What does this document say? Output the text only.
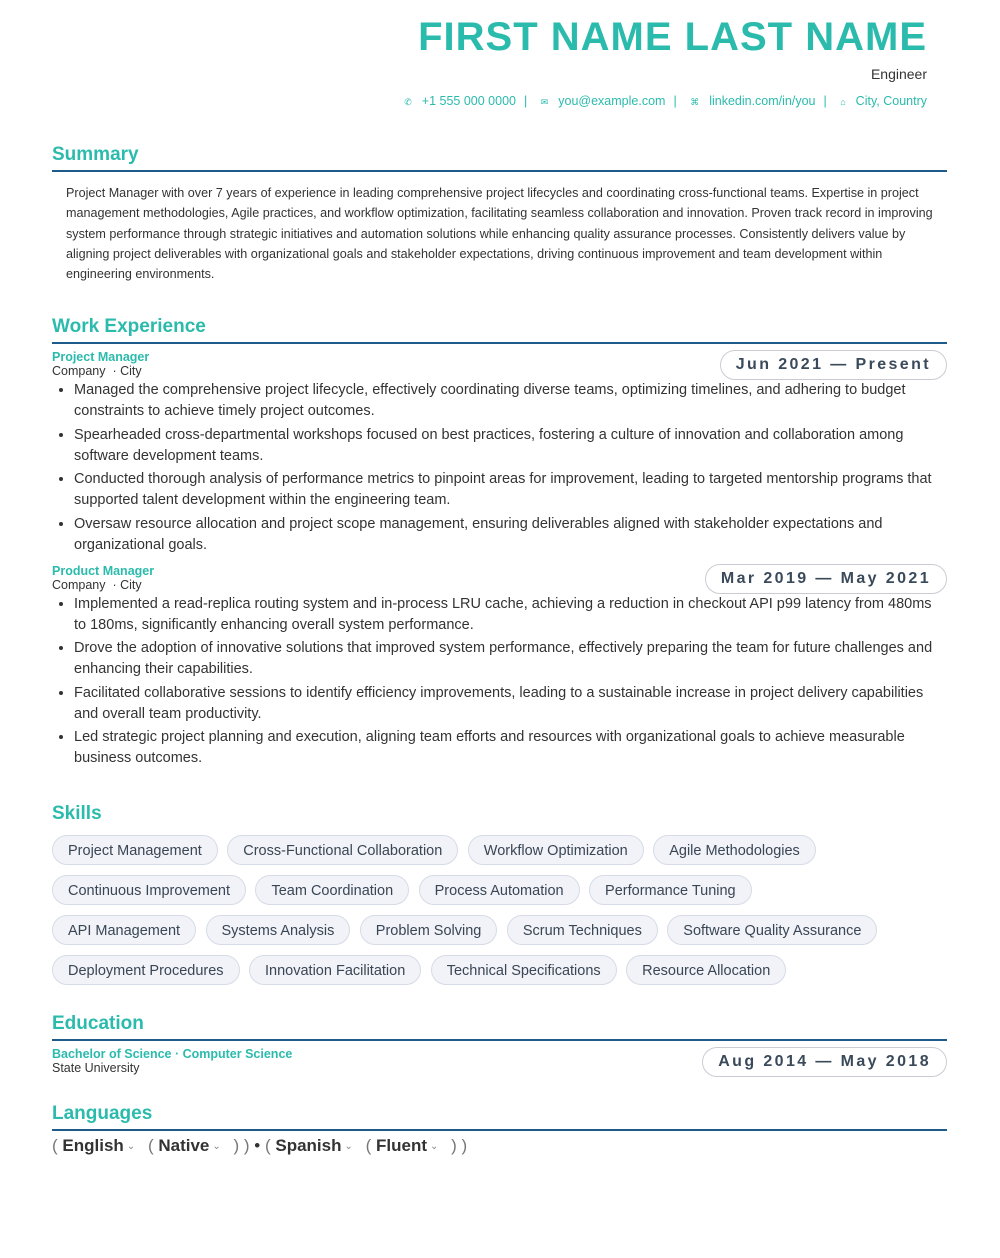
FIRST NAME LAST NAME
Engineer
✆ +1 555 000 0000 | ✉ you@example.com | ⌘ linkedin.com/in/you | ⌂ City, Country
Summary
Project Manager with over 7 years of experience in leading comprehensive project lifecycles and coordinating cross-functional teams. Expertise in project management methodologies, Agile practices, and workflow optimization, facilitating seamless collaboration and innovation. Proven track record in improving system performance through strategic initiatives and automation solutions while enhancing quality assurance processes. Consistently delivers value by aligning project deliverables with organizational goals and stakeholder expectations, driving continuous improvement and team development within engineering environments.
Work Experience
Jun 2021 — Present
Project Manager
Company · City
• Managed the comprehensive project lifecycle, effectively coordinating diverse teams, optimizing timelines, and adhering to budget constraints to achieve timely project outcomes.
• Spearheaded cross-departmental workshops focused on best practices, fostering a culture of innovation and collaboration among software development teams.
• Conducted thorough analysis of performance metrics to pinpoint areas for improvement, leading to targeted mentorship programs that supported talent development within the engineering team.
• Oversaw resource allocation and project scope management, ensuring deliverables aligned with stakeholder expectations and organizational goals.
Mar 2019 — May 2021
Product Manager
Company · City
• Implemented a read-replica routing system and in-process LRU cache, achieving a reduction in checkout API p99 latency from 480ms to 180ms, significantly enhancing overall system performance.
• Drove the adoption of innovative solutions that improved system performance, effectively preparing the team for future challenges and enhancing their capabilities.
• Facilitated collaborative sessions to identify efficiency improvements, leading to a sustainable increase in project delivery capabilities and overall team productivity.
• Led strategic project planning and execution, aligning team efforts and resources with organizational goals to achieve measurable business outcomes.
Skills
Project Management	Cross-Functional Collaboration	Workflow Optimization	Agile Methodologies
Continuous Improvement	Team Coordination	Process Automation	Performance Tuning
API Management	Systems Analysis	Problem Solving	Scrum Techniques	Software Quality Assurance
Deployment Procedures	Innovation Facilitation	Technical Specifications	Resource Allocation
Education
Aug 2014 — May 2018
Bachelor of Science · Computer Science
State University
Languages
( English ⌄ ( Native ⌄ ) ) • ( Spanish ⌄ ( Fluent ⌄ ) )
